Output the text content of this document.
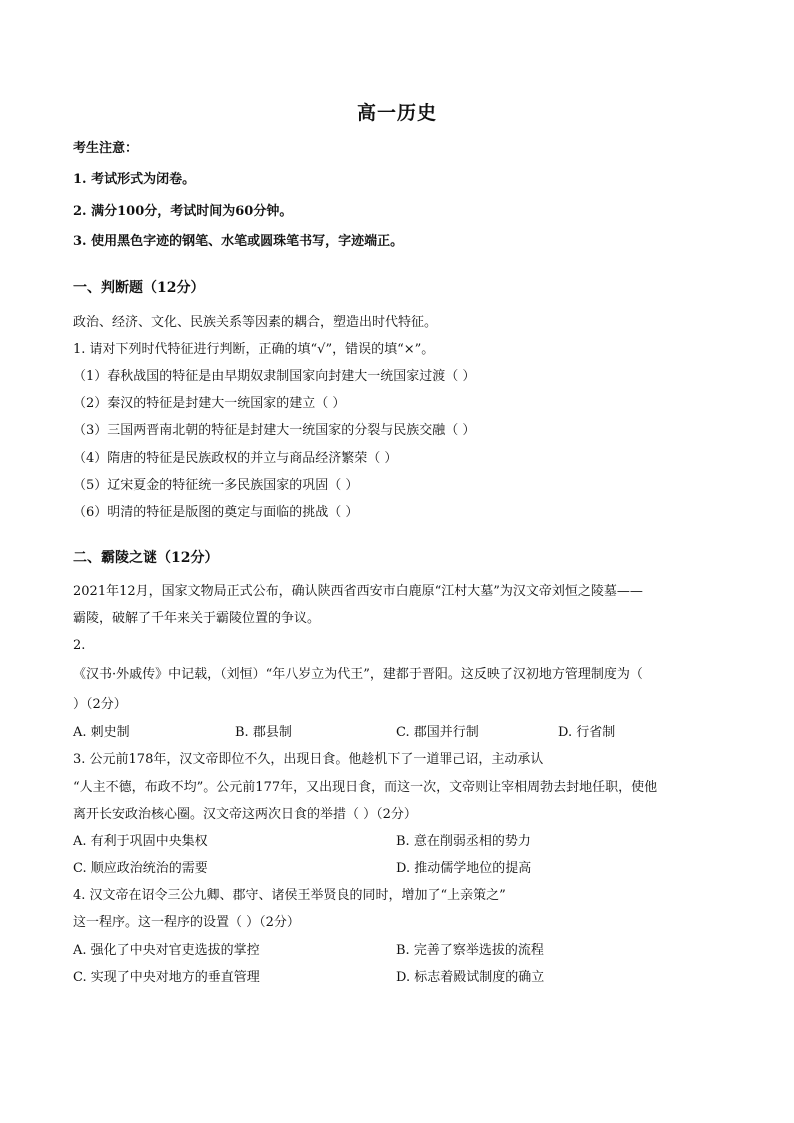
高一历史
考生注意：
1. 考试形式为闭卷。
2. 满分100分，考试时间为60分钟。
3. 使用黑色字迹的钢笔、水笔或圆珠笔书写，字迹端正。
一、判断题（12分）
政治、经济、文化、民族关系等因素的耦合，塑造出时代特征。
1. 请对下列时代特征进行判断，正确的填“√”，错误的填“×”。
（1）春秋战国的特征是由早期奴隶制国家向封建大一统国家过渡（ ）
（2）秦汉的特征是封建大一统国家的建立（ ）
（3）三国两晋南北朝的特征是封建大一统国家的分裂与民族交融（ ）
（4）隋唐的特征是民族政权的并立与商品经济繁荣（ ）
（5）辽宋夏金的特征统一多民族国家的巩固（ ）
（6）明清的特征是版图的奠定与面临的挑战（ ）
二、霸陵之谜（12分）
2021年12月，国家文物局正式公布，确认陕西省西安市白鹿原“江村大墓”为汉文帝刘恒之陵墓——
霸陵，破解了千年来关于霸陵位置的争议。
2.
《汉书·外戚传》中记载，（刘恒）“年八岁立为代王”，建都于晋阳。这反映了汉初地方管理制度为（
）（2分）
A. 刺史制	B. 郡县制	C. 郡国并行制	D. 行省制
3. 公元前178年，汉文帝即位不久，出现日食。他趁机下了一道罪己诏，主动承认
“人主不德，布政不均”。公元前177年，又出现日食，而这一次，文帝则让宰相周勃去封地任职，使他
离开长安政治核心圈。汉文帝这两次日食的举措（ ）（2分）
A. 有利于巩固中央集权	B. 意在削弱丞相的势力
C. 顺应政治统治的需要	D. 推动儒学地位的提高
4. 汉文帝在诏令三公九卿、郡守、诸侯王举贤良的同时，增加了“上亲策之”
这一程序。这一程序的设置（ ）（2分）
A. 强化了中央对官吏选拔的掌控	B. 完善了察举选拔的流程
C. 实现了中央对地方的垂直管理	D. 标志着殿试制度的确立
